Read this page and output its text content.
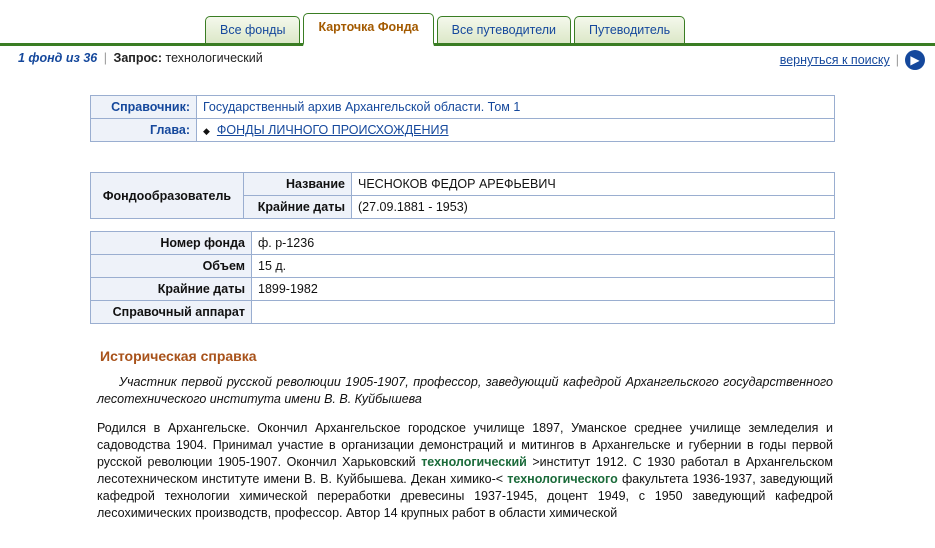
Все фонды	Карточка Фонда	Все путеводители	Путеводитель
1 фонд из 36 | Запрос: технологический	вернуться к поиску | ▶
Справочник:	Государственный архив Архангельской области. Том 1
Глава:	◆ ФОНДЫ ЛИЧНОГО ПРОИСХОЖДЕНИЯ
Фондообразователь	Название	ЧЕСНОКОВ ФЕДОР АРЕФЬЕВИЧ
	Крайние даты	(27.09.1881 - 1953)
Номер фонда	ф. р-1236
Объем	15 д.
Крайние даты	1899-1982
Справочный аппарат	
Историческая справка

Участник первой русской революции 1905-1907, профессор, заведующий кафедрой Архангельского государственного лесотехнического института имени В. В. Куйбышева

Родился в Архангельске. Окончил Архангельское городское училище 1897, Уманское среднее училище земледелия и садоводства 1904. Принимал участие в организации демонстраций и митингов в Архангельске и губернии в годы первой русской революции 1905-1907. Окончил Харьковский технологический >институт 1912. С 1930 работал в Архангельском лесотехническом институте имени В. В. Куйбышева. Декан химико-< технологического факультета 1936-1937, заведующий кафедрой технологии химической переработки древесины 1937-1945, доцент 1949, с 1950 заведующий кафедрой лесохимических производств, профессор. Автор 14 крупных работ в области химической
